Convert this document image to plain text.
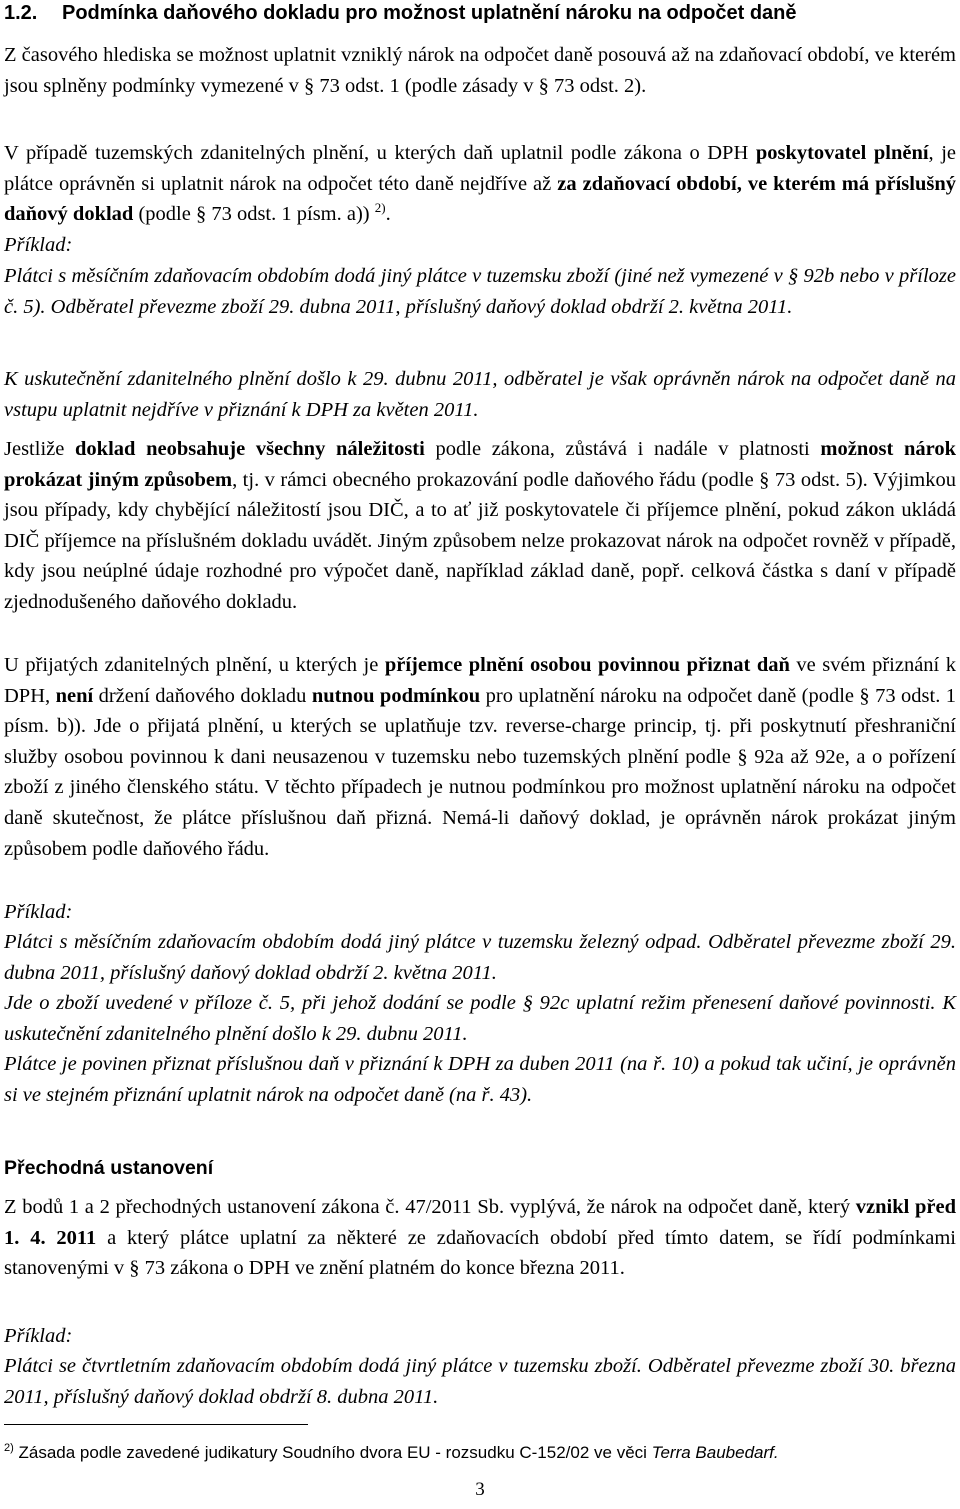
1.2. Podmínka daňového dokladu pro možnost uplatnění nároku na odpočet daně

Z časového hlediska se možnost uplatnit vzniklý nárok na odpočet daně posouvá až na zdaňovací období, ve kterém jsou splněny podmínky vymezené v § 73 odst. 1 (podle zásady v § 73 odst. 2).

V případě tuzemských zdanitelných plnění, u kterých daň uplatnil podle zákona o DPH poskytovatel plnění, je plátce oprávněn si uplatnit nárok na odpočet této daně nejdříve až za zdaňovací období, ve kterém má příslušný daňový doklad (podle § 73 odst. 1 písm. a)) $^{2)}$.

Příklad:

Plátci s měsíčním zdaňovacím obdobím dodá jiný plátce v tuzemsku zboží (jiné než vymezené v § 92b nebo v příloze č. 5). Odběratel převezme zboží 29. dubna 2011, příslušný daňový doklad obdrží 2. května 2011.

K uskutečnění zdanitelného plnění došlo k 29. dubnu 2011, odběratel je však oprávněn nárok na odpočet daně na vstupu uplatnit nejdříve v přiznání k DPH za květen 2011.

Jestliže doklad neobsahuje všechny náležitosti podle zákona, zůstává i nadále v platnosti možnost nárok prokázat jiným způsobem, tj. v rámci obecného prokazování podle daňového řádu (podle § 73 odst. 5). Výjimkou jsou případy, kdy chybějící náležitostí jsou DIČ, a to ať již poskytovatele či příjemce plnění, pokud zákon ukládá DIČ příjemce na příslušném dokladu uvádět. Jiným způsobem nelze prokazovat nárok na odpočet rovněž v případě, kdy jsou neúplné údaje rozhodné pro výpočet daně, například základ daně, popř. celková částka s daní v případě zjednodušeného daňového dokladu.

U přijatých zdanitelných plnění, u kterých je příjemce plnění osobou povinnou přiznat daň ve svém přiznání k DPH, není držení daňového dokladu nutnou podmínkou pro uplatnění nároku na odpočet daně (podle § 73 odst. 1 písm. b)). Jde o přijatá plnění, u kterých se uplatňuje tzv. reverse-charge princip, tj. při poskytnutí přeshraniční služby osobou povinnou k dani neusazenou v tuzemsku nebo tuzemských plnění podle § 92a až 92e, a o pořízení zboží z jiného členského státu. V těchto případech je nutnou podmínkou pro možnost uplatnění nároku na odpočet daně skutečnost, že plátce příslušnou daň přizná. Nemá-li daňový doklad, je oprávněn nárok prokázat jiným způsobem podle daňového řádu.

Příklad:

Plátci s měsíčním zdaňovacím obdobím dodá jiný plátce v tuzemsku železný odpad. Odběratel převezme zboží 29. dubna 2011, příslušný daňový doklad obdrží 2. května 2011.

Jde o zboží uvedené v příloze č. 5, při jehož dodání se podle § 92c uplatní režim přenesení daňové povinnosti. K uskutečnění zdanitelného plnění došlo k 29. dubnu 2011.

Plátce je povinen přiznat příslušnou daň v přiznání k DPH za duben 2011 (na ř. 10) a pokud tak učiní, je oprávněn si ve stejném přiznání uplatnit nárok na odpočet daně (na ř. 43).

Přechodná ustanovení

Z bodů 1 a 2 přechodných ustanovení zákona č. 47/2011 Sb. vyplývá, že nárok na odpočet daně, který vznikl před 1. 4. 2011 a který plátce uplatní za některé ze zdaňovacích období před tímto datem, se řídí podmínkami stanovenými v § 73 zákona o DPH ve znění platném do konce března 2011.

Příklad:

Plátci se čtvrtletním zdaňovacím obdobím dodá jiný plátce v tuzemsku zboží. Odběratel převezme zboží 30. března 2011, příslušný daňový doklad obdrží 8. dubna 2011.

$^{2)}$ Zásada podle zavedené judikatury Soudního dvora EU - rozsudku C-152/02 ve věci Terra Baubedarf.
3
